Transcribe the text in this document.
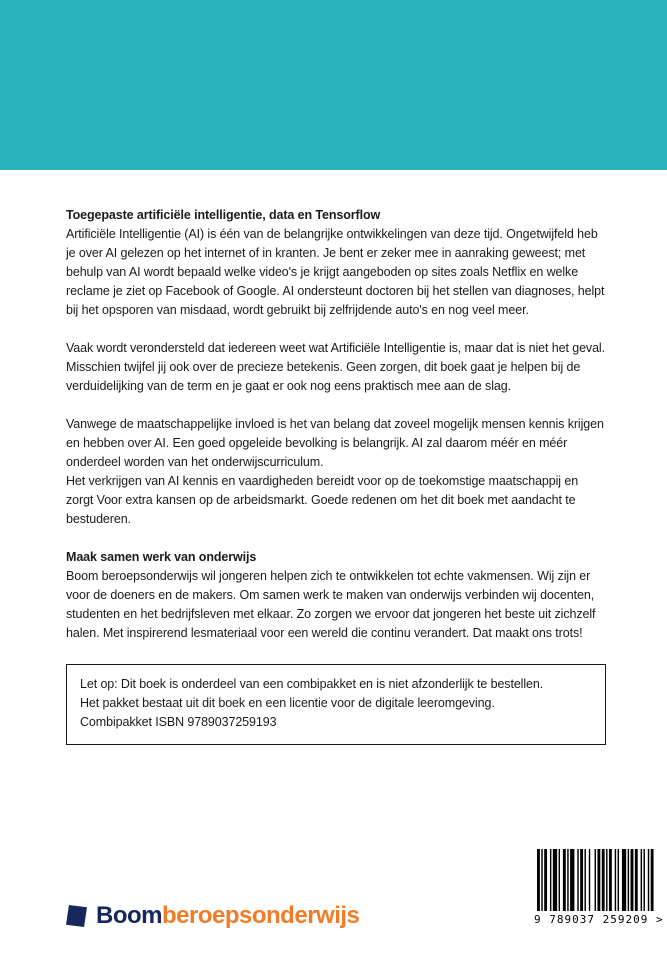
Toegepaste artificiële intelligentie, data en Tensorflow

Artificiële Intelligentie (AI) is één van de belangrijke ontwikkelingen van deze tijd. Ongetwijfeld heb je over AI gelezen op het internet of in kranten. Je bent er zeker mee in aanraking geweest; met behulp van AI wordt bepaald welke video's je krijgt aangeboden op sites zoals Netflix en welke reclame je ziet op Facebook of Google. AI ondersteunt doctoren bij het stellen van diagnoses, helpt bij het opsporen van misdaad, wordt gebruikt bij zelfrijdende auto's en nog veel meer.

Vaak wordt verondersteld dat iedereen weet wat Artificiële Intelligentie is, maar dat is niet het geval. Misschien twijfel jij ook over de precieze betekenis. Geen zorgen, dit boek gaat je helpen bij de verduidelijking van de term en je gaat er ook nog eens praktisch mee aan de slag.

Vanwege de maatschappelijke invloed is het van belang dat zoveel mogelijk mensen kennis krijgen en hebben over AI. Een goed opgeleide bevolking is belangrijk. AI zal daarom méér en méér onderdeel worden van het onderwijscurriculum.

Het verkrijgen van AI kennis en vaardigheden bereidt voor op de toekomstige maatschappij en zorgt Voor extra kansen op de arbeidsmarkt. Goede redenen om het dit boek met aandacht te bestuderen.

Maak samen werk van onderwijs

Boom beroepsonderwijs wil jongeren helpen zich te ontwikkelen tot echte vakmensen. Wij zijn er voor de doeners en de makers. Om samen werk te maken van onderwijs verbinden wij docenten, studenten en het bedrijfsleven met elkaar. Zo zorgen we ervoor dat jongeren het beste uit zichzelf halen. Met inspirerend lesmateriaal voor een wereld die continu verandert. Dat maakt ons trots!

Let op: Dit boek is onderdeel van een combipakket en is niet afzonderlijk te bestellen.

Het pakket bestaat uit dit boek en een licentie voor de digitale leeromgeving.

Combipakket ISBN 9789037259193

Boomberoepsonderwijs	9 789037 259209 >
